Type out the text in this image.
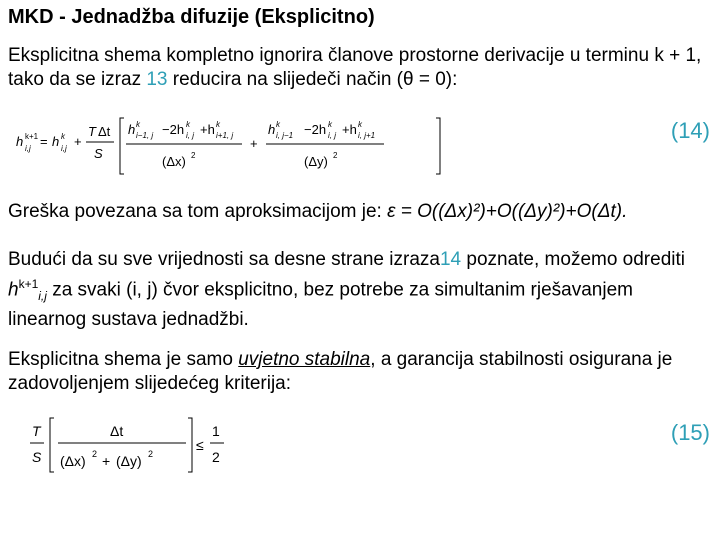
MKD - Jednadžba difuzije (Eksplicitno)
Eksplicitna shema kompletno ignorira članove prostorne derivacije u terminu k + 1, tako da se izraz 13 reducira na slijedeči način (θ = 0):
h k+1
i,j = h k
i,j +
T Δt
S
h k
i−1, j −2h k
i, j +h k
i+1, j
(Δx) 2
+
h k
i, j−1 −2h k
i, j +h k
i, j+1
(Δy) 2
(14)
Greška povezana sa tom aproksimacijom je: ε = O((Δx)²)+O((Δy)²)+O(Δt).
Budući da su sve vrijednosti sa desne strane izraza14 poznate, možemo odrediti $h^{k+1}_{i,j}$ za svaki (i, j) čvor eksplicitno, bez potrebe za simultanim rješavanjem linearnog sustava jednadžbi.
Eksplicitna shema je samo uvjetno stabilna, a garancija stabilnosti osigurana je zadovoljenjem slijedećeg kriterija:
T
S
Δt
(Δx) 2 + (Δy) 2
≤
1
2
(15)
